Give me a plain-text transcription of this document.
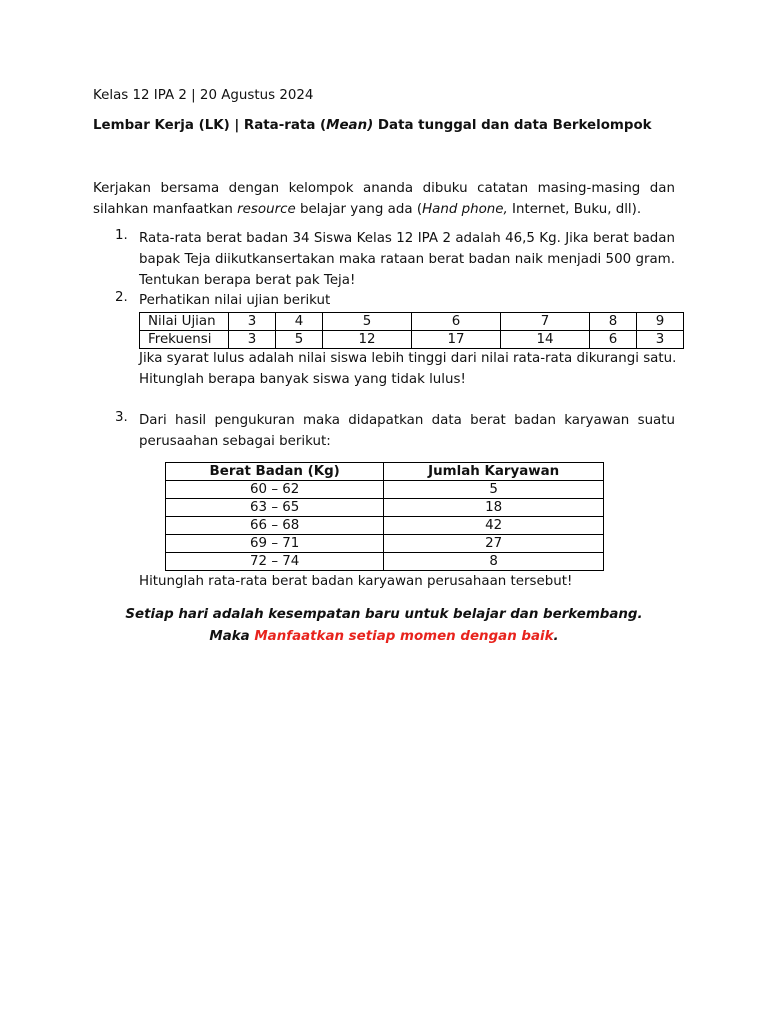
Kelas 12 IPA 2 | 20 Agustus 2024
Lembar Kerja (LK) | Rata-rata (Mean) Data tunggal dan data Berkelompok
Kerjakan bersama dengan kelompok ananda dibuku catatan masing-masing dan
silahkan manfaatkan resource belajar yang ada (Hand phone, Internet, Buku, dll).
1. Rata-rata berat badan 34 Siswa Kelas 12 IPA 2 adalah 46,5 Kg. Jika berat badan
bapak Teja diikutkansertakan maka rataan berat badan naik menjadi 500 gram.
Tentukan berapa berat pak Teja!
2. Perhatikan nilai ujian berikut
Nilai Ujian	3	4	5	6	7	8	9
Frekuensi	3	5	12	17	14	6	3
Jika syarat lulus adalah nilai siswa lebih tinggi dari nilai rata-rata dikurangi satu.
Hitunglah berapa banyak siswa yang tidak lulus!
3. Dari hasil pengukuran maka didapatkan data berat badan karyawan suatu
perusaahan sebagai berikut:
Berat Badan (Kg)	Jumlah Karyawan
60 – 62	5
63 – 65	18
66 – 68	42
69 – 71	27
72 – 74	8
Hitunglah rata-rata berat badan karyawan perusahaan tersebut!
Setiap hari adalah kesempatan baru untuk belajar dan berkembang.
Maka Manfaatkan setiap momen dengan baik.
